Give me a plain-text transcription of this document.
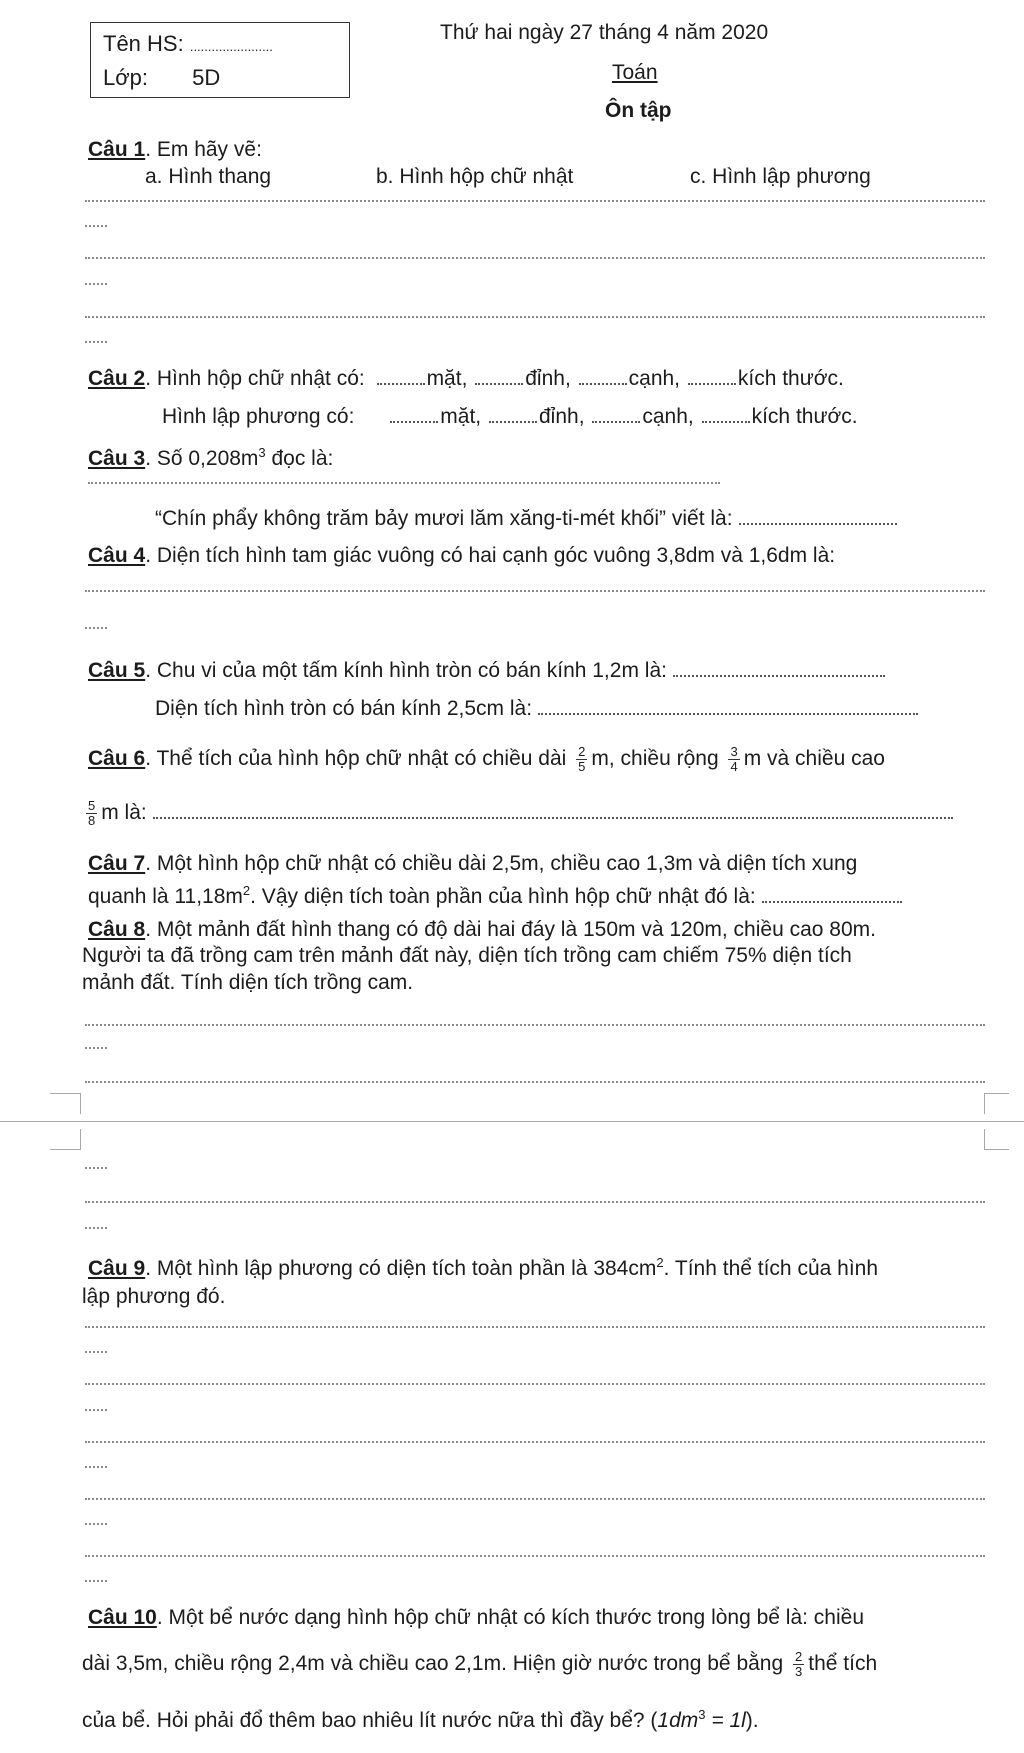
Tên HS: .......................
Lớp: 5D
Thứ hai ngày 27 tháng 4 năm 2020
Toán
Ôn tập
Câu 1. Em hãy vẽ:
a. Hình thang	b. Hình hộp chữ nhật	c. Hình lập phương
Câu 2. Hình hộp chữ nhật có:	mặt,	đỉnh,	cạnh,	kích thước.
Hình lập phương có:	mặt,	đỉnh,	cạnh,	kích thước.
Câu 3. Số $0,208m^3$ đọc là:
“Chín phẩy không trăm bảy mươi lăm xăng-ti-mét khối” viết là:
Câu 4. Diện tích hình tam giác vuông có hai cạnh góc vuông 3,8dm và 1,6dm là:
Câu 5. Chu vi của một tấm kính hình tròn có bán kính 1,2m là:
Diện tích hình tròn có bán kính 2,5cm là:
Câu 6. Thể tích của hình hộp chữ nhật có chiều dài $\frac{2}{5} m$, chiều rộng $\frac{3}{4}$ m và chiều cao
$\frac{5}{8}$ m là:
Câu 7. Một hình hộp chữ nhật có chiều dài 2,5m, chiều cao 1,3m và diện tích xung
quanh là $11,18m^2$. Vậy diện tích toàn phần của hình hộp chữ nhật đó là:
Câu 8. Một mảnh đất hình thang có độ dài hai đáy là 150m và 120m, chiều cao 80m.
Người ta đã trồng cam trên mảnh đất này, diện tích trồng cam chiếm 75% diện tích
mảnh đất. Tính diện tích trồng cam.
Câu 9. Một hình lập phương có diện tích toàn phần là $384cm^2$. Tính thể tích của hình
lập phương đó.
Câu 10. Một bể nước dạng hình hộp chữ nhật có kích thước trong lòng bể là: chiều
dài 3,5m, chiều rộng 2,4m và chiều cao 2,1m. Hiện giờ nước trong bể bằng $\frac{2}{3}$ thể tích
của bể. Hỏi phải đổ thêm bao nhiêu lít nước nữa thì đầy bể? $(1dm^3 = 1l)$.
